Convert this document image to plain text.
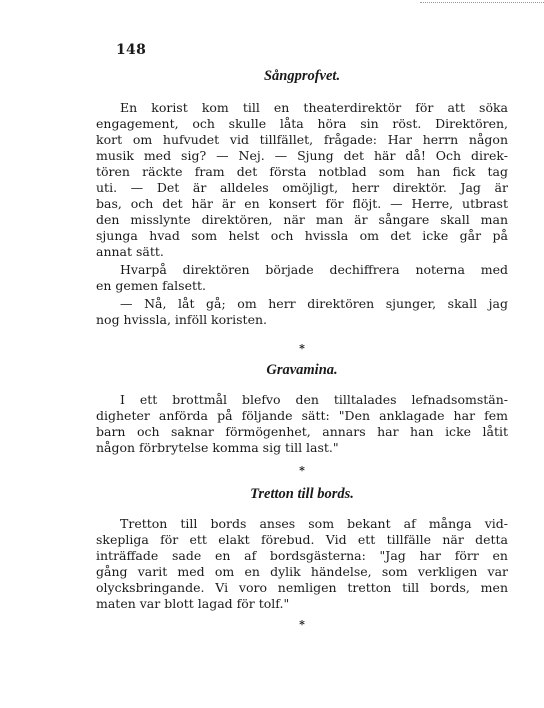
148
Sångprofvet.
En korist kom till en theaterdirektör för att söka
engagement, och skulle låta höra sin röst. Direktören,
kort om hufvudet vid tillfället, frågade: Har herrn någon
musik med sig? — Nej. — Sjung det här då! Och direk-
tören räckte fram det första notblad som han fick tag
uti. — Det är alldeles omöjligt, herr direktör. Jag är
bas, och det här är en konsert för flöjt. — Herre, utbrast
den misslynte direktören, när man är sångare skall man
sjunga hvad som helst och hvissla om det icke går på
annat sätt.
Hvarpå direktören började dechiffrera noterna med
en gemen falsett.
— Nå, låt gå; om herr direktören sjunger, skall jag
nog hvissla, inföll koristen.
*
Gravamina.
I ett brottmål blefvo den tilltalades lefnadsomstän-
digheter anförda på följande sätt: "Den anklagade har fem
barn och saknar förmögenhet, annars har han icke låtit
någon förbrytelse komma sig till last."
*
Tretton till bords.
Tretton till bords anses som bekant af många vid-
skepliga för ett elakt förebud. Vid ett tillfälle när detta
inträffade sade en af bordsgästerna: "Jag har förr en
gång varit med om en dylik händelse, som verkligen var
olycksbringande. Vi voro nemligen tretton till bords, men
maten var blott lagad för tolf."
*
